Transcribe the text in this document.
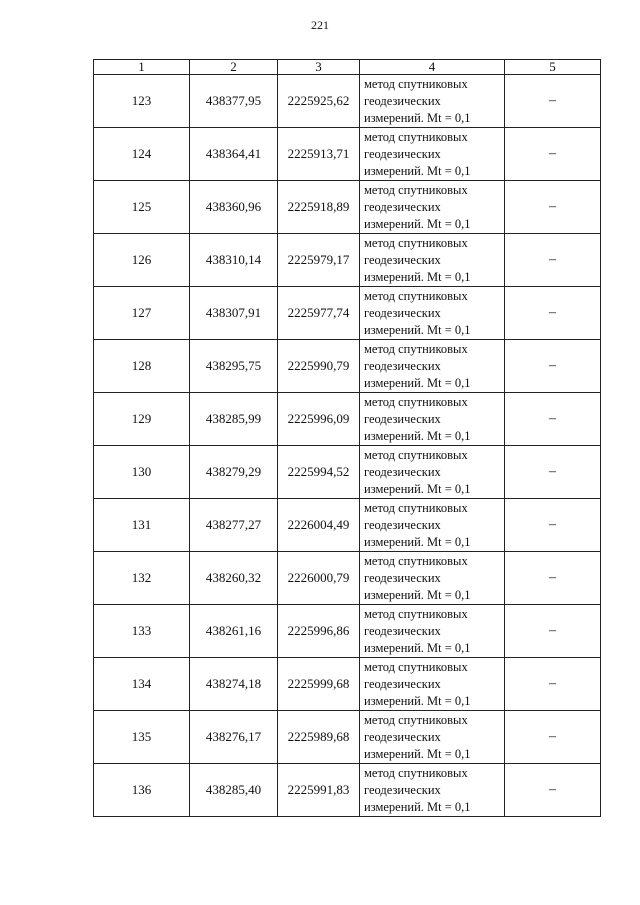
221
1	2	3	4	5
123	438377,95	2225925,62	метод спутниковых
геодезических
измерений. Mt = 0,1	–
124	438364,41	2225913,71	метод спутниковых
геодезических
измерений. Mt = 0,1	–
125	438360,96	2225918,89	метод спутниковых
геодезических
измерений. Mt = 0,1	–
126	438310,14	2225979,17	метод спутниковых
геодезических
измерений. Mt = 0,1	–
127	438307,91	2225977,74	метод спутниковых
геодезических
измерений. Mt = 0,1	–
128	438295,75	2225990,79	метод спутниковых
геодезических
измерений. Mt = 0,1	–
129	438285,99	2225996,09	метод спутниковых
геодезических
измерений. Mt = 0,1	–
130	438279,29	2225994,52	метод спутниковых
геодезических
измерений. Mt = 0,1	–
131	438277,27	2226004,49	метод спутниковых
геодезических
измерений. Mt = 0,1	–
132	438260,32	2226000,79	метод спутниковых
геодезических
измерений. Mt = 0,1	–
133	438261,16	2225996,86	метод спутниковых
геодезических
измерений. Mt = 0,1	–
134	438274,18	2225999,68	метод спутниковых
геодезических
измерений. Mt = 0,1	–
135	438276,17	2225989,68	метод спутниковых
геодезических
измерений. Mt = 0,1	–
136	438285,40	2225991,83	метод спутниковых
геодезических
измерений. Mt = 0,1	–
